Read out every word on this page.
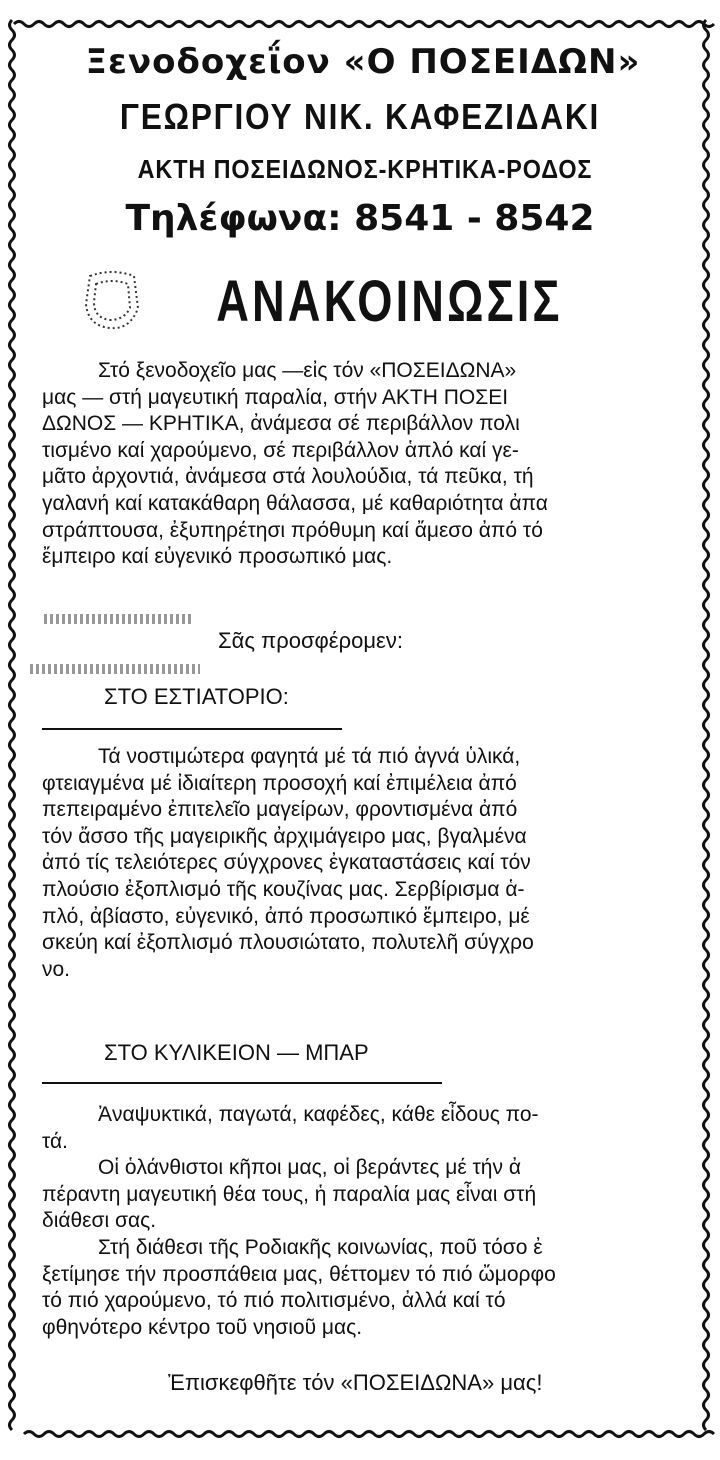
Ξενοδοχεΐον «Ο ΠΟΣΕΙΔΩΝ»
ΓΕΩΡΓΙΟΥ ΝΙΚ. ΚΑΦΕΖΙΔΑΚΙ
ΑΚΤΗ ΠΟΣΕΙΔΩΝΟΣ-ΚΡΗΤΙΚΑ-ΡΟΔΟΣ
Τηλέφωνα: 8541 - 8542
ΑΝΑΚΟΙΝΩΣΙΣ
Στό ξενοδοχεῖο μας —εἰς τόν «ΠΟΣΕΙΔΩΝΑ»
μας — στή μαγευτική παραλία, στήν ΑΚΤΗ ΠΟΣΕΙ
ΔΩΝΟΣ — ΚΡΗΤΙΚΑ, ἀνάμεσα σέ περιβάλλον πολι
τισμένο καί χαρούμενο, σέ περιβάλλον ἁπλό καί γε-
μᾶτο ἀρχοντιά, ἀνάμεσα στά λουλούδια, τά πεῦκα, τή
γαλανή καί κατακάθαρη θάλασσα, μέ καθαριότητα ἀπα
στράπτουσα, ἐξυπηρέτησι πρόθυμη καί ἄμεσο ἀπό τό
ἔμπειρο καί εὐγενικό προσωπικό μας.
Σᾶς προσφέρομεν:
ΣΤΟ ΕΣΤΙΑΤΟΡΙΟ:
Τά νοστιμώτερα φαγητά μέ τά πιό ἁγνά ὑλικά,
φτειαγμένα μέ ἰδιαίτερη προσοχή καί ἐπιμέλεια ἀπό
πεπειραμένο ἐπιτελεῖο μαγείρων, φροντισμένα ἀπό
τόν ἄσσο τῆς μαγειρικῆς ἀρχιμάγειρο μας, βγαλμένα
ἀπό τίς τελειότερες σύγχρονες ἐγκαταστάσεις καί τόν
πλούσιο ἐξοπλισμό τῆς κουζίνας μας. Σερβίρισμα ἁ-
πλό, ἀβίαστο, εὐγενικό, ἀπό προσωπικό ἔμπειρο, μέ
σκεύη καί ἐξοπλισμό πλουσιώτατο, πολυτελῆ σύγχρο
νο.
ΣΤΟ ΚΥΛΙΚΕΙΟΝ — ΜΠΑΡ
Ἀναψυκτικά, παγωτά, καφέδες, κάθε εἶδους πο-
τά.
Οἱ ὁλάνθιστοι κῆποι μας, οἱ βεράντες μέ τήν ἀ
πέραντη μαγευτική θέα τους, ἡ παραλία μας εἶναι στή
διάθεσι σας.
Στή διάθεσι τῆς Ροδιακῆς κοινωνίας, ποῦ τόσο ἐ
ξετίμησε τήν προσπάθεια μας, θέττομεν τό πιό ὤμορφο
τό πιό χαρούμενο, τό πιό πολιτισμένο, ἀλλά καί τό
φθηνότερο κέντρο τοῦ νησιοῦ μας.
Ἐπισκεφθῆτε τόν «ΠΟΣΕΙΔΩΝΑ» μας!
